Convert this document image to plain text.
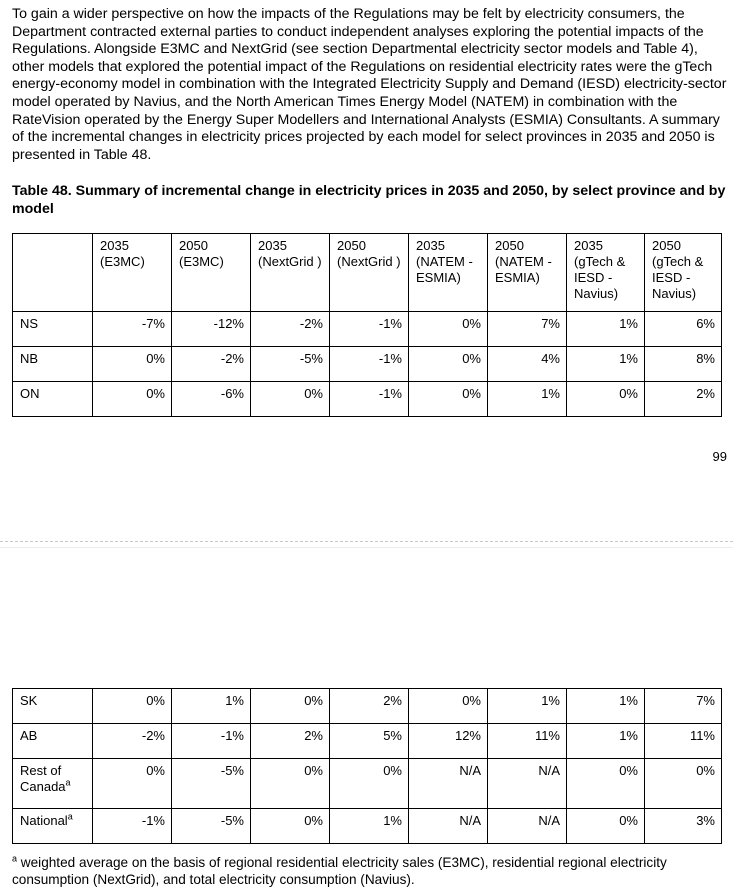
To gain a wider perspective on how the impacts of the Regulations may be felt by electricity consumers, the Department contracted external parties to conduct independent analyses exploring the potential impacts of the Regulations. Alongside E3MC and NextGrid (see section Departmental electricity sector models and Table 4), other models that explored the potential impact of the Regulations on residential electricity rates were the gTech energy-economy model in combination with the Integrated Electricity Supply and Demand (IESD) electricity-sector model operated by Navius, and the North American Times Energy Model (NATEM) in combination with the RateVision operated by the Energy Super Modellers and International Analysts (ESMIA) Consultants. A summary of the incremental changes in electricity prices projected by each model for select provinces in 2035 and 2050 is presented in Table 48.

Table 48. Summary of incremental change in electricity prices in 2035 and 2050, by select province and by model

	2035 (E3MC)	2050 (E3MC)	2035 (NextGrid )	2050 (NextGrid )	2035 (NATEM - ESMIA)	2050 (NATEM - ESMIA)	2035 (gTech & IESD - Navius)	2050 (gTech & IESD - Navius)
NS	-7%	-12%	-2%	-1%	0%	7%	1%	6%
NB	0%	-2%	-5%	-1%	0%	4%	1%	8%
ON	0%	-6%	0%	-1%	0%	1%	0%	2%

99

SK	0%	1%	0%	2%	0%	1%	1%	7%
AB	-2%	-1%	2%	5%	12%	11%	1%	11%
Rest of Canada$^a$	0%	-5%	0%	0%	N/A	N/A	0%	0%
National$^a$	-1%	-5%	0%	1%	N/A	N/A	0%	3%

$^a$ weighted average on the basis of regional residential electricity sales (E3MC), residential regional electricity consumption (NextGrid), and total electricity consumption (Navius).
